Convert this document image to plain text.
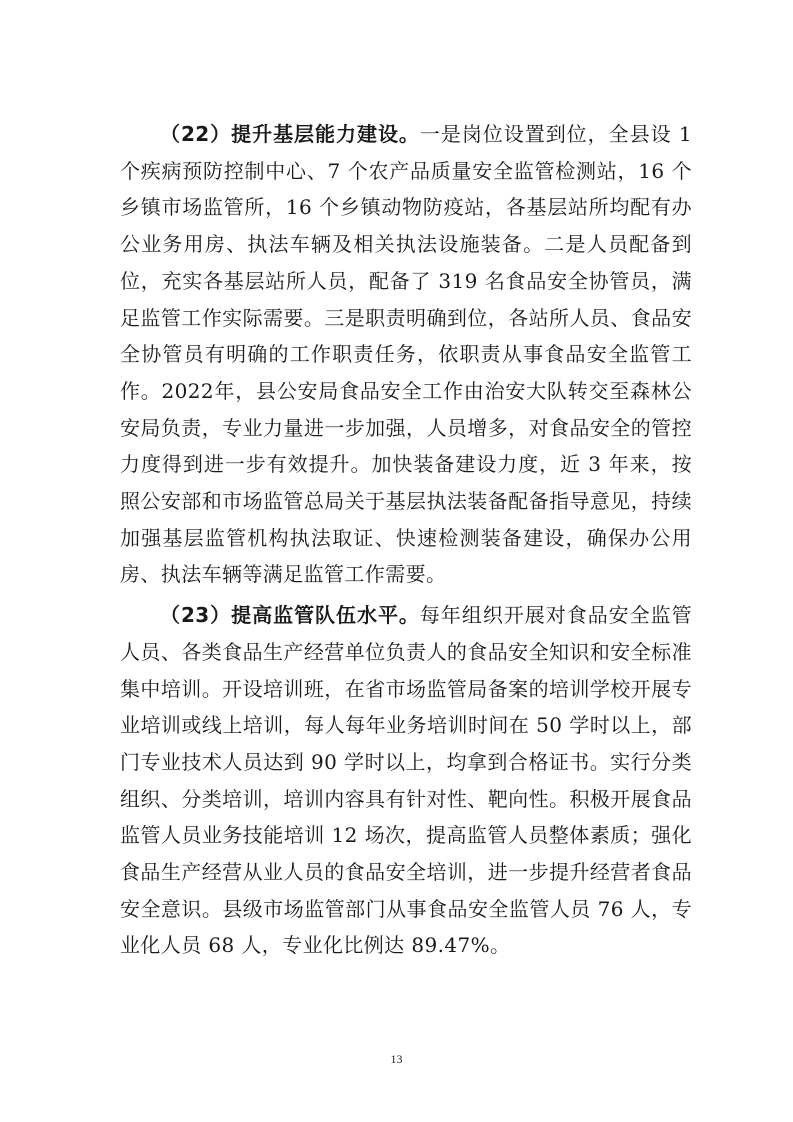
（22）提升基层能力建设。一是岗位设置到位，全县设 1 个疾病预防控制中心、7 个农产品质量安全监管检测站，16 个乡镇市场监管所，16 个乡镇动物防疫站，各基层站所均配有办公业务用房、执法车辆及相关执法设施装备。二是人员配备到位，充实各基层站所人员，配备了 319 名食品安全协管员，满足监管工作实际需要。三是职责明确到位，各站所人员、食品安全协管员有明确的工作职责任务，依职责从事食品安全监管工作。2022年，县公安局食品安全工作由治安大队转交至森林公安局负责，专业力量进一步加强，人员增多，对食品安全的管控力度得到进一步有效提升。加快装备建设力度，近 3 年来，按照公安部和市场监管总局关于基层执法装备配备指导意见，持续加强基层监管机构执法取证、快速检测装备建设，确保办公用房、执法车辆等满足监管工作需要。

（23）提高监管队伍水平。每年组织开展对食品安全监管人员、各类食品生产经营单位负责人的食品安全知识和安全标准集中培训。开设培训班，在省市场监管局备案的培训学校开展专业培训或线上培训，每人每年业务培训时间在 50 学时以上，部门专业技术人员达到 90 学时以上，均拿到合格证书。实行分类组织、分类培训，培训内容具有针对性、靶向性。积极开展食品监管人员业务技能培训 12 场次，提高监管人员整体素质；强化食品生产经营从业人员的食品安全培训，进一步提升经营者食品安全意识。县级市场监管部门从事食品安全监管人员 76 人，专业化人员 68 人，专业化比例达 89.47%。

13
